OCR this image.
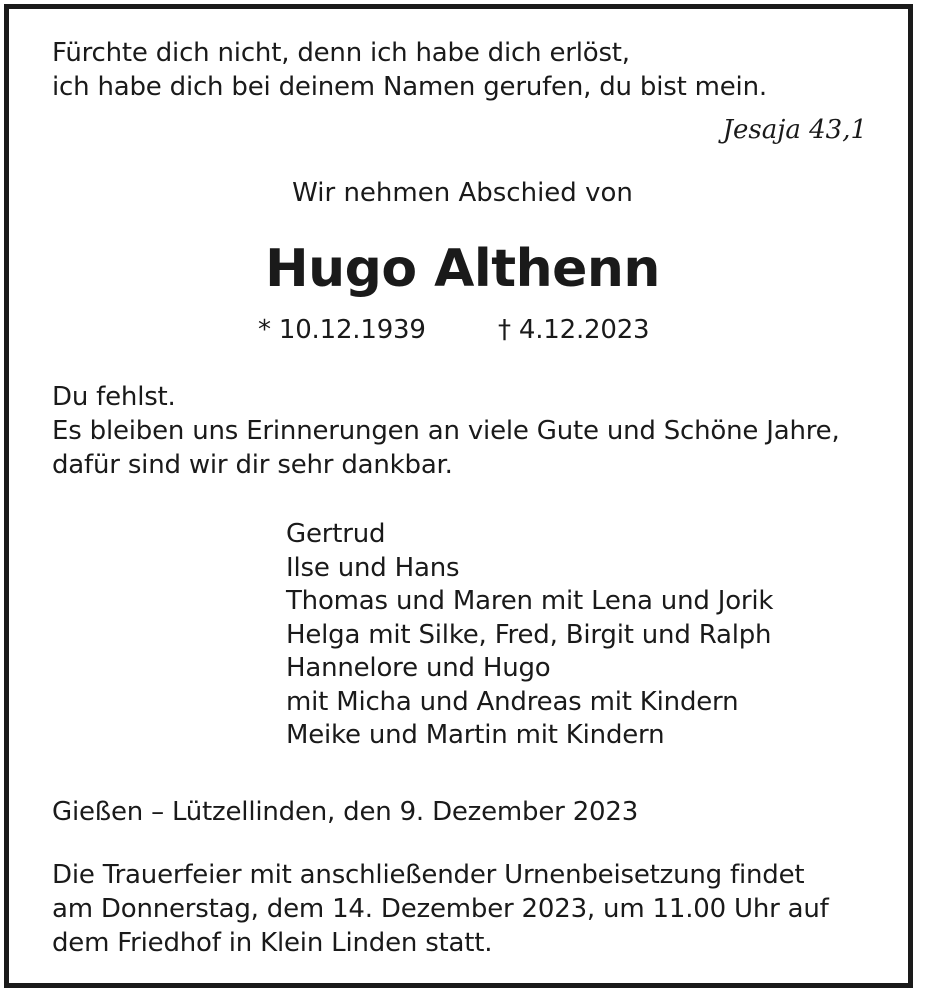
Fürchte dich nicht, denn ich habe dich erlöst,
ich habe dich bei deinem Namen gerufen, du bist mein.
Jesaja 43,1
Wir nehmen Abschied von
Hugo Althenn
* 10.12.1939	† 4.12.2023
Du fehlst.
Es bleiben uns Erinnerungen an viele Gute und Schöne Jahre,
dafür sind wir dir sehr dankbar.
Gertrud
Ilse und Hans
Thomas und Maren mit Lena und Jorik
Helga mit Silke, Fred, Birgit und Ralph
Hannelore und Hugo
mit Micha und Andreas mit Kindern
Meike und Martin mit Kindern
Gießen – Lützellinden, den 9. Dezember 2023
Die Trauerfeier mit anschließender Urnenbeisetzung findet
am Donnerstag, dem 14. Dezember 2023, um 11.00 Uhr auf
dem Friedhof in Klein Linden statt.
